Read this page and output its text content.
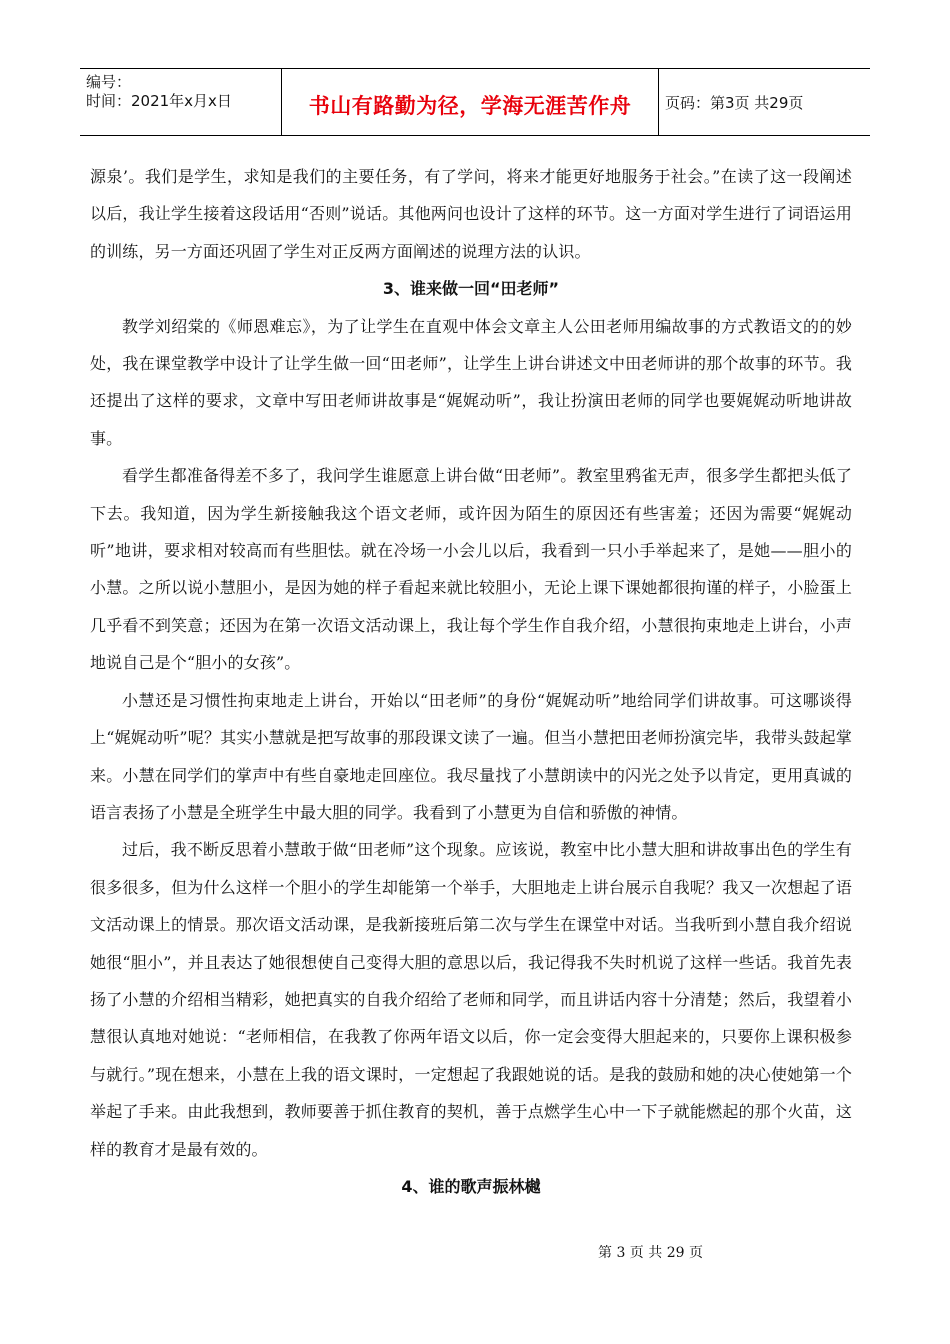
编号：
时间：2021年x月x日	书山有路勤为径，学海无涯苦作舟	页码：第3页 共29页

源泉’。我们是学生，求知是我们的主要任务，有了学问，将来才能更好地服务于社会。”在读了这一段阐述以后，我让学生接着这段话用“否则”说话。其他两问也设计了这样的环节。这一方面对学生进行了词语运用的训练，另一方面还巩固了学生对正反两方面阐述的说理方法的认识。

3、谁来做一回“田老师”

教学刘绍棠的《师恩难忘》，为了让学生在直观中体会文章主人公田老师用编故事的方式教语文的的妙处，我在课堂教学中设计了让学生做一回“田老师”，让学生上讲台讲述文中田老师讲的那个故事的环节。我还提出了这样的要求，文章中写田老师讲故事是“娓娓动听”，我让扮演田老师的同学也要娓娓动听地讲故事。

看学生都准备得差不多了，我问学生谁愿意上讲台做“田老师”。教室里鸦雀无声，很多学生都把头低了下去。我知道，因为学生新接触我这个语文老师，或许因为陌生的原因还有些害羞；还因为需要“娓娓动听”地讲，要求相对较高而有些胆怯。就在冷场一小会儿以后，我看到一只小手举起来了，是她——胆小的小慧。之所以说小慧胆小，是因为她的样子看起来就比较胆小，无论上课下课她都很拘谨的样子，小脸蛋上几乎看不到笑意；还因为在第一次语文活动课上，我让每个学生作自我介绍，小慧很拘束地走上讲台，小声地说自己是个“胆小的女孩”。

小慧还是习惯性拘束地走上讲台，开始以“田老师”的身份“娓娓动听”地给同学们讲故事。可这哪谈得上“娓娓动听”呢？其实小慧就是把写故事的那段课文读了一遍。但当小慧把田老师扮演完毕，我带头鼓起掌来。小慧在同学们的掌声中有些自豪地走回座位。我尽量找了小慧朗读中的闪光之处予以肯定，更用真诚的语言表扬了小慧是全班学生中最大胆的同学。我看到了小慧更为自信和骄傲的神情。

过后，我不断反思着小慧敢于做“田老师”这个现象。应该说，教室中比小慧大胆和讲故事出色的学生有很多很多，但为什么这样一个胆小的学生却能第一个举手，大胆地走上讲台展示自我呢？我又一次想起了语文活动课上的情景。那次语文活动课，是我新接班后第二次与学生在课堂中对话。当我听到小慧自我介绍说她很“胆小”，并且表达了她很想使自己变得大胆的意思以后，我记得我不失时机说了这样一些话。我首先表扬了小慧的介绍相当精彩，她把真实的自我介绍给了老师和同学，而且讲话内容十分清楚；然后，我望着小慧很认真地对她说：“老师相信，在我教了你两年语文以后，你一定会变得大胆起来的，只要你上课积极参与就行。”现在想来，小慧在上我的语文课时，一定想起了我跟她说的话。是我的鼓励和她的决心使她第一个举起了手来。由此我想到，教师要善于抓住教育的契机，善于点燃学生心中一下子就能燃起的那个火苗，这样的教育才是最有效的。

4、谁的歌声振林樾

第 3 页 共 29 页
